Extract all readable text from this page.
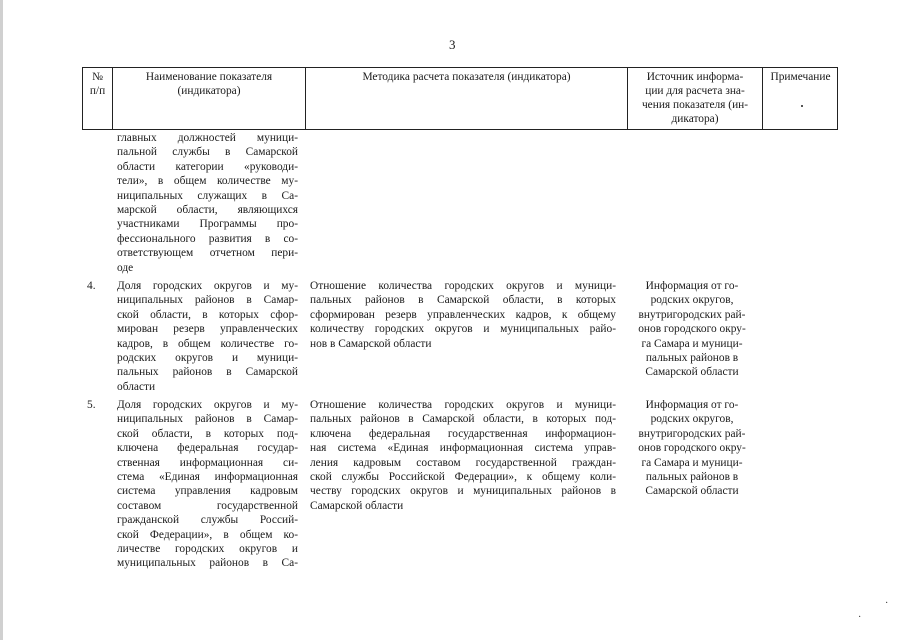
3
№
п/п
Наименование показателя
(индикатора)
Методика расчета показателя (индикатора)	Источник информа-
ции для расчета зна-
чения показателя (ин-
дикатора)
Примечание
главных должностей муници-
пальной службы в Самарской
области категории «руководи-
тели», в общем количестве му-
ниципальных служащих в Са-
марской области, являющихся
участниками Программы про-
фессионального развития в со-
ответствующем отчетном пери-
оде
4. Доля городских округов и му-
ниципальных районов в Самар-
ской области, в которых сфор-
мирован резерв управленческих
кадров, в общем количестве го-
родских округов и муници-
пальных районов в Самарской
области
Отношение количества городских округов и муници-
пальных районов в Самарской области, в которых
сформирован резерв управленческих кадров, к общему
количеству городских округов и муниципальных райо-
нов в Самарской области
Информация от го-
родских округов,
внутригородских рай-
онов городского окру-
га Самара и муници-
пальных районов в
Самарской области
5. Доля городских округов и му-
ниципальных районов в Самар-
ской области, в которых под-
ключена федеральная государ-
ственная информационная си-
стема «Единая информационная
система управления кадровым
составом государственной
гражданской службы Россий-
ской Федерации», в общем ко-
личестве городских округов и
муниципальных районов в Са-
Отношение количества городских округов и муници-
пальных районов в Самарской области, в которых под-
ключена федеральная государственная информацион-
ная система «Единая информационная система управ-
ления кадровым составом государственной граждан-
ской службы Российской Федерации», к общему коли-
честву городских округов и муниципальных районов в
Самарской области
Информация от го-
родских округов,
внутригородских рай-
онов городского окру-
га Самара и муници-
пальных районов в
Самарской области
·
·
